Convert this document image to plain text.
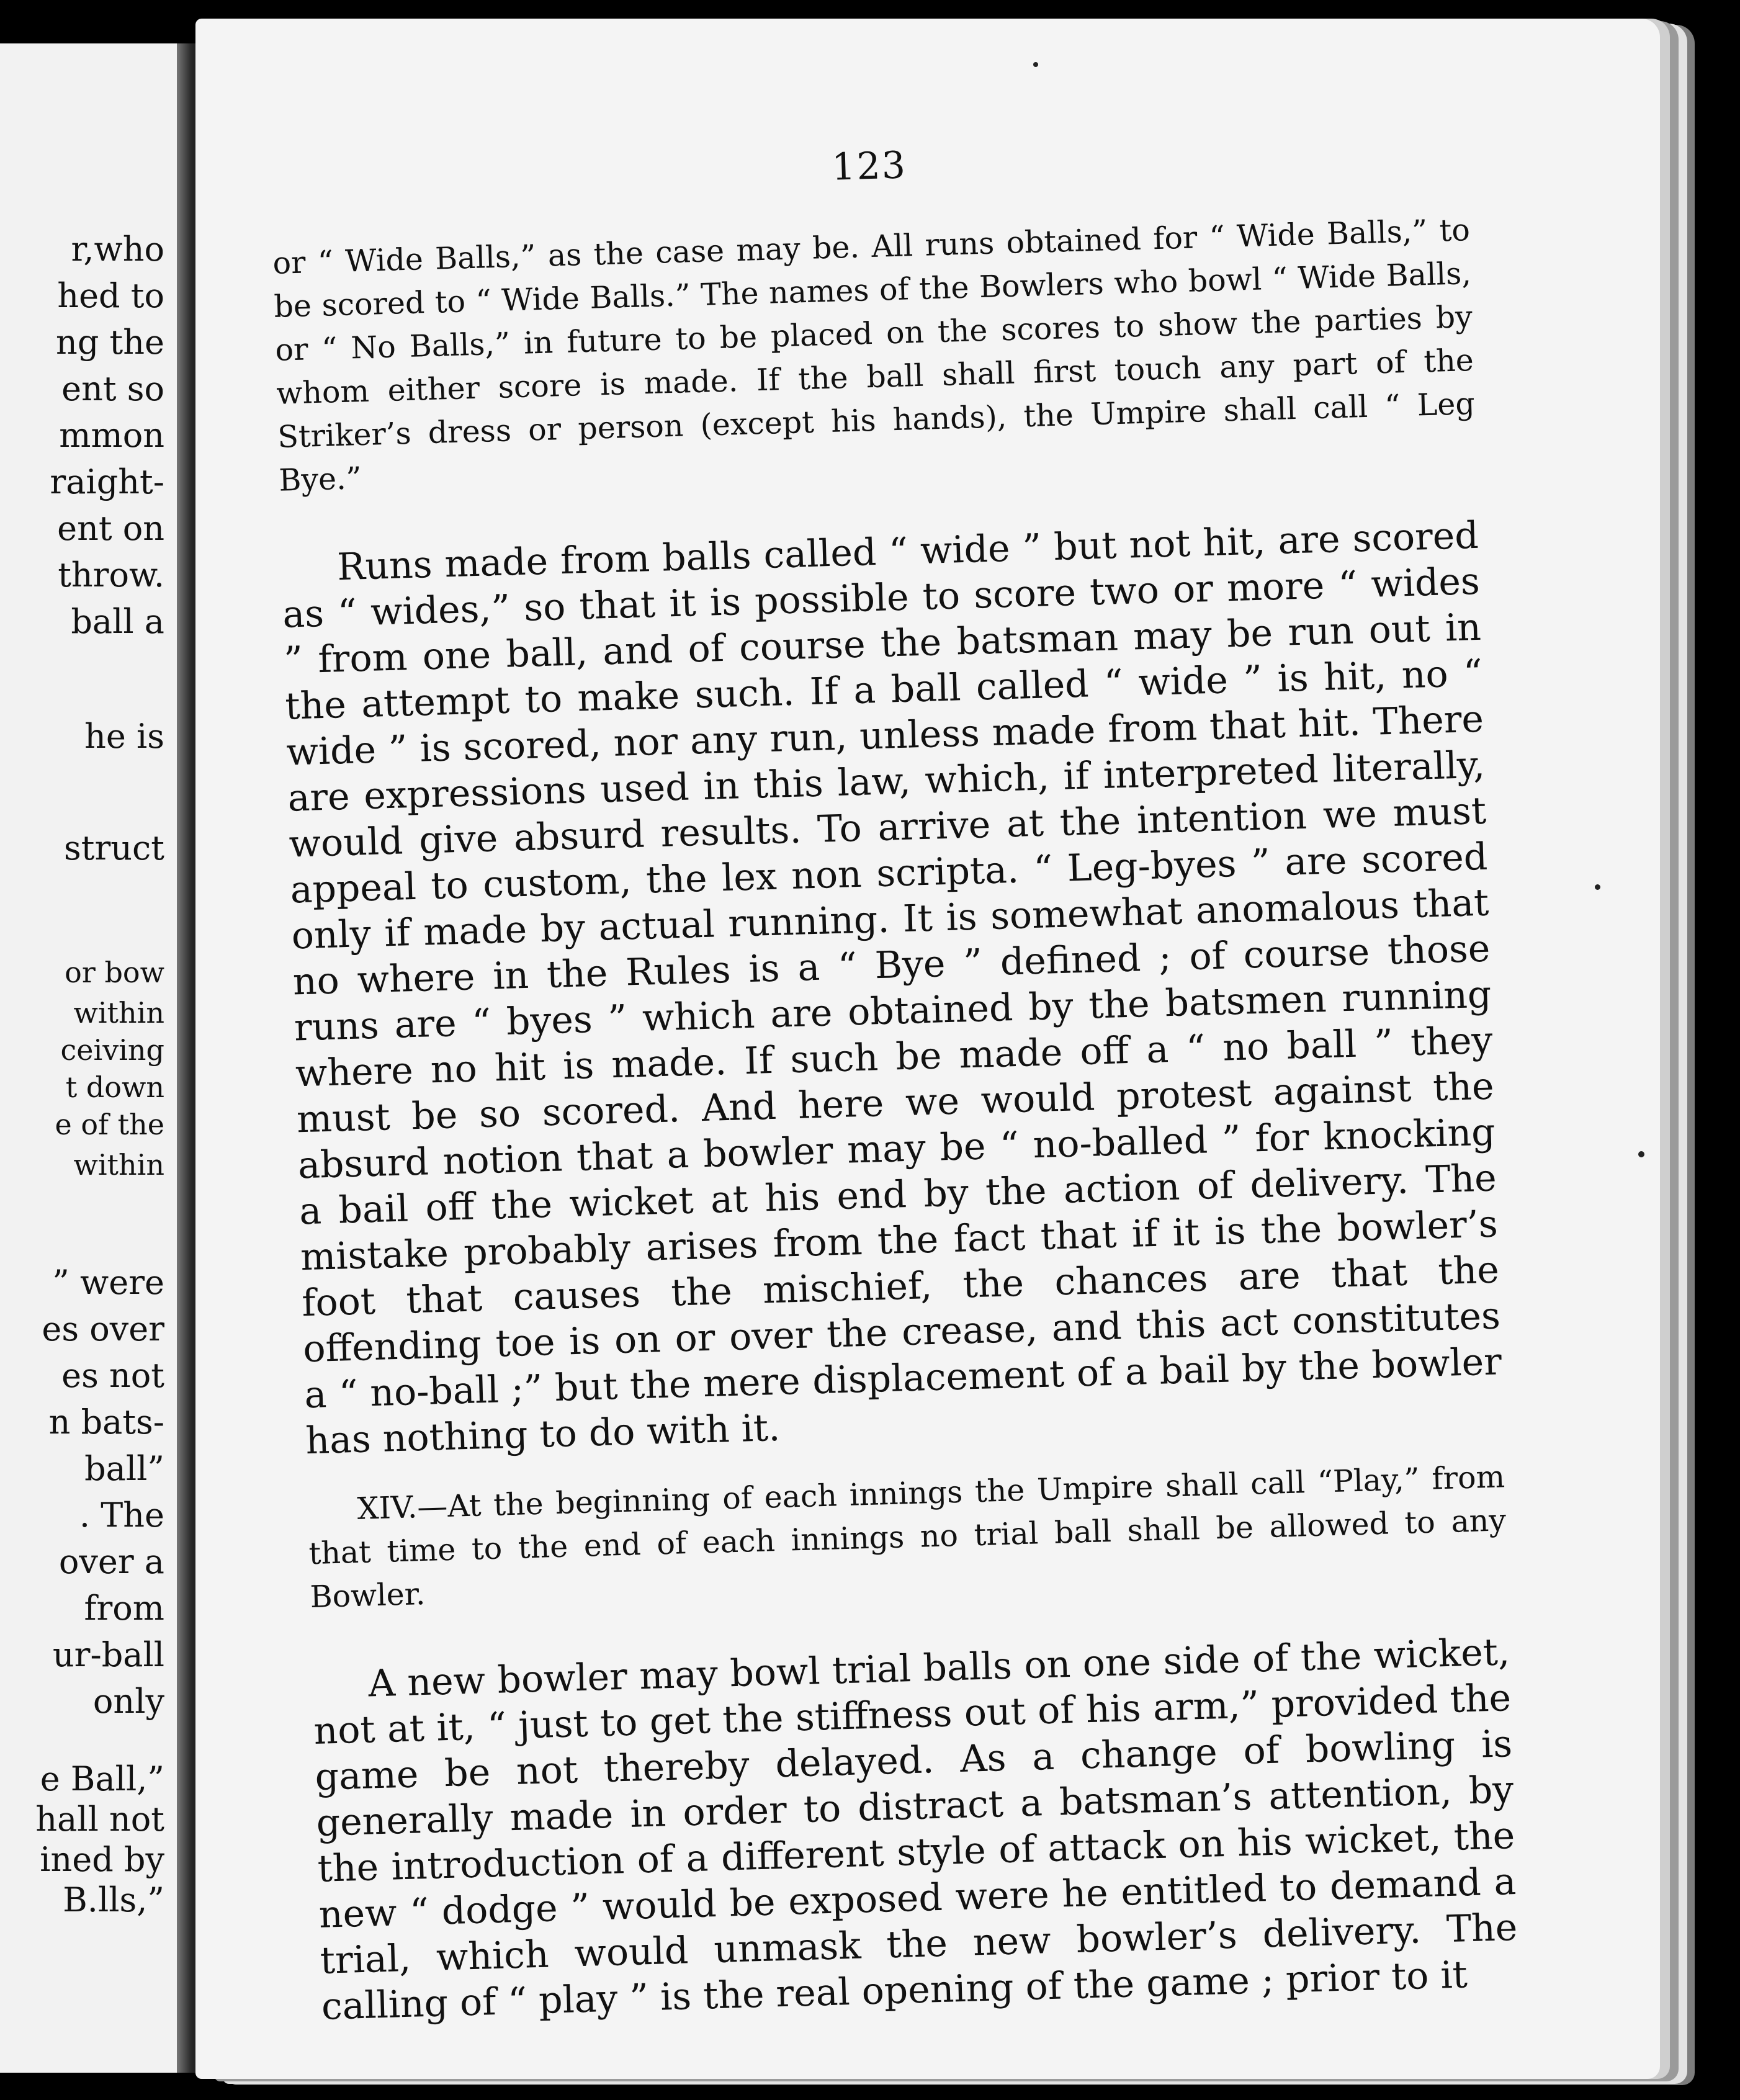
r,who
hed to
ng the
ent so
mmon
raight-
ent on
throw.
ball a
he is
struct
or bow
within
ceiving
t down
e of the
within
” were
es over
es not
n bats-
ball”
. The
over a
from
ur-ball
only
e Ball,”
hall not
ined by
B.lls,”
123

or “ Wide Balls,” as the case may be. All runs obtained for “ Wide Balls,” to be scored to “ Wide Balls.” The names of the Bowlers who bowl “ Wide Balls, or “ No Balls,” in future to be placed on the scores to show the parties by whom either score is made. If the ball shall first touch any part of the Striker’s dress or person (except his hands), the Umpire shall call “ Leg Bye.”

Runs made from balls called “ wide ” but not hit, are scored as “ wides,” so that it is possible to score two or more “ wides ” from one ball, and of course the batsman may be run out in the attempt to make such. If a ball called “ wide ” is hit, no “ wide ” is scored, nor any run, unless made from that hit. There are expressions used in this law, which, if interpreted literally, would give absurd results. To arrive at the intention we must appeal to custom, the lex non scripta. “ Leg-byes ” are scored only if made by actual running. It is somewhat anomalous that no where in the Rules is a “ Bye ” defined ; of course those runs are “ byes ” which are obtained by the batsmen running where no hit is made. If such be made off a “ no ball ” they must be so scored. And here we would protest against the absurd notion that a bowler may be “ no-balled ” for knocking a bail off the wicket at his end by the action of delivery. The mistake probably arises from the fact that if it is the bowler’s foot that causes the mischief, the chances are that the offending toe is on or over the crease, and this act constitutes a “ no-ball ;” but the mere displacement of a bail by the bowler has nothing to do with it.

XIV.—At the beginning of each innings the Umpire shall call “Play,” from that time to the end of each innings no trial ball shall be allowed to any Bowler.

A new bowler may bowl trial balls on one side of the wicket, not at it, “ just to get the stiffness out of his arm,” provided the game be not thereby delayed. As a change of bowling is generally made in order to distract a batsman’s attention, by the introduction of a different style of attack on his wicket, the new “ dodge ” would be exposed were he entitled to demand a trial, which would unmask the new bowler’s delivery. The calling of “ play ” is the real opening of the game ; prior to it
